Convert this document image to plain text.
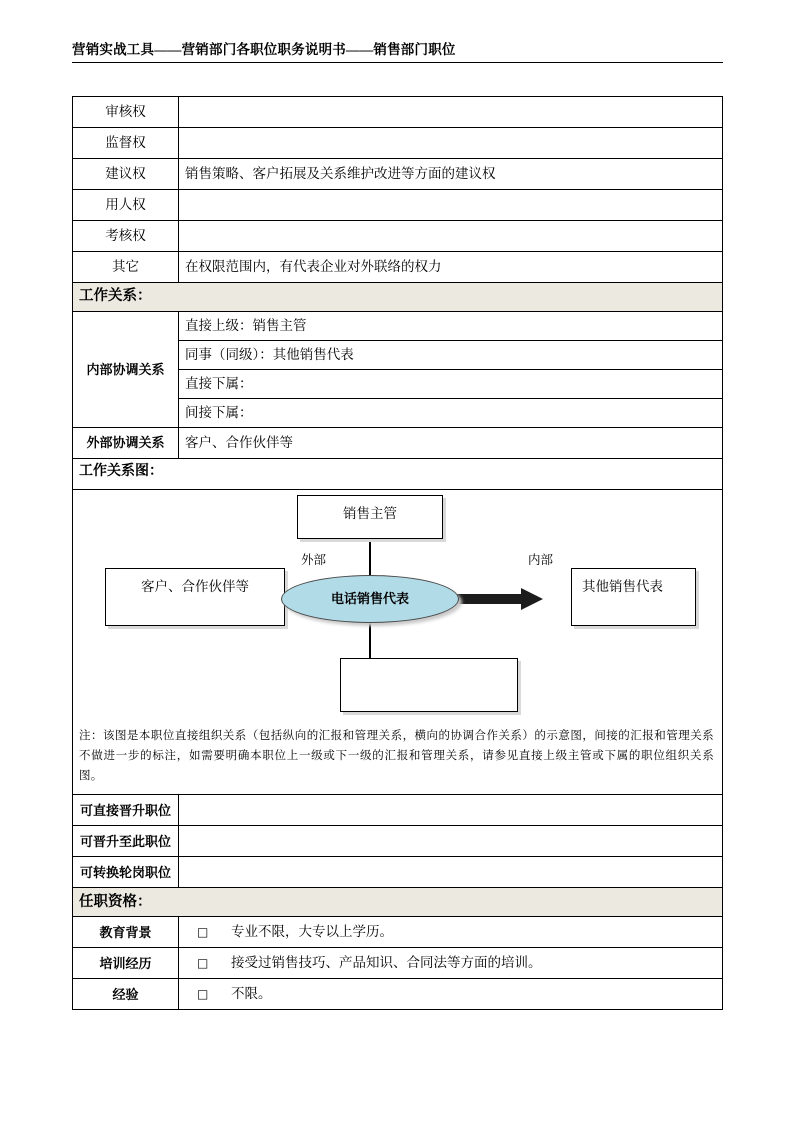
营销实战工具——营销部门各职位职务说明书——销售部门职位
审核权	
监督权	
建议权	销售策略、客户拓展及关系维护改进等方面的建议权
用人权	
考核权	
其它	在权限范围内，有代表企业对外联络的权力
工作关系：
内部协调关系	
直接上级：销售主管
同事（同级）：其他销售代表
直接下属：
间接下属：

外部协调关系	客户、合作伙伴等
工作关系图：

销售主管
客户、合作伙伴等	其他销售代表
电话销售代表
外部	内部

注：该图是本职位直接组织关系（包括纵向的汇报和管理关系，横向的协调合作关系）的示意图，间接的汇报和管理关系不做进一步的标注，如需要明确本职位上一级或下一级的汇报和管理关系，请参见直接上级主管或下属的职位组织关系图。
可直接晋升职位	
可晋升至此职位	
可转换轮岗职位	
任职资格：
教育背景	□ 专业不限，大专以上学历。
培训经历	□ 接受过销售技巧、产品知识、合同法等方面的培训。
经验	□ 不限。
